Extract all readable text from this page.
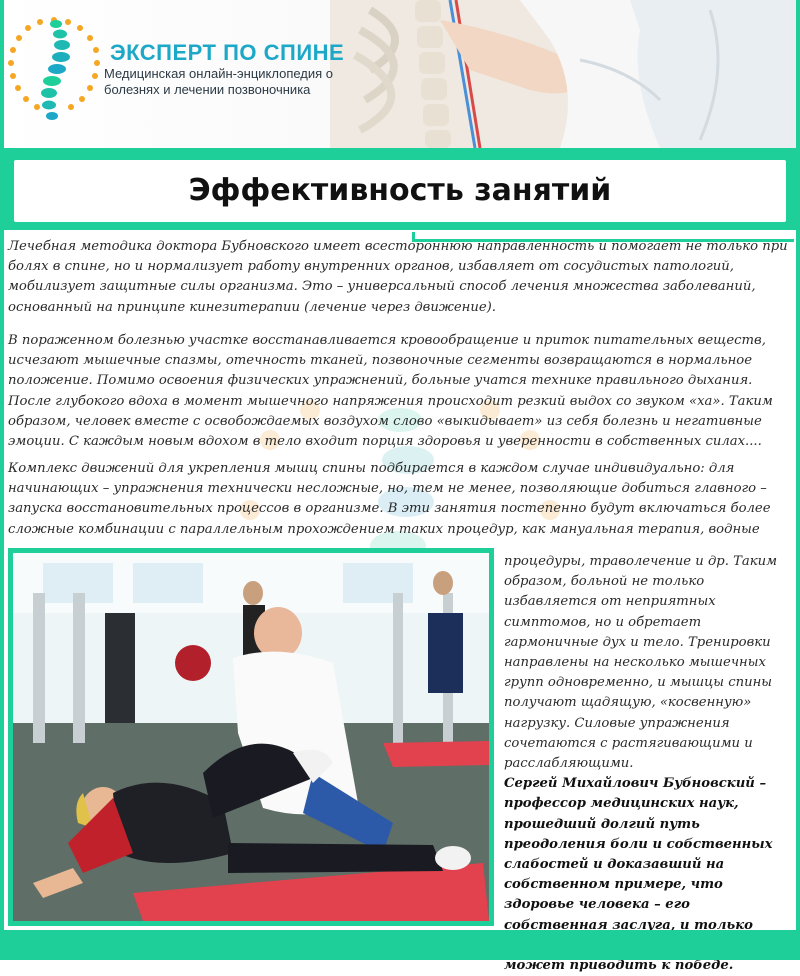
ЭКСПЕРТ ПО СПИНЕ
Медицинская онлайн-энциклопедия о болезнях и лечении позвоночника
Эффективность занятий

Лечебная методика доктора Бубновского имеет всестороннюю направленность и помогает не только при болях в спине, но и нормализует работу внутренних органов, избавляет от сосудистых патологий, мобилизует защитные силы организма. Это – универсальный способ лечения множества заболеваний, основанный на принципе кинезитерапии (лечение через движение).

В пораженном болезнью участке восстанавливается кровообращение и приток питательных веществ, исчезают мышечные спазмы, отечность тканей, позвоночные сегменты возвращаются в нормальное положение. Помимо освоения физических упражнений, больные учатся технике правильного дыхания. После глубокого вдоха в момент мышечного напряжения происходит резкий выдох со звуком «ха». Таким образом, человек вместе с освобождаемых воздухом слово «выкидывает» из себя болезнь и негативные эмоции. С каждым новым вдохом в тело входит порция здоровья и уверенности в собственных силах....

Комплекс движений для укрепления мышц спины подбирается в каждом случае индивидуально: для начинающих – упражнения технически несложные, но, тем не менее, позволяющие добиться главного – запуска восстановительных процессов в организме. В эти занятия постепенно будут включаться более сложные комбинации с параллельным прохождением таких процедур, как мануальная терапия, водные

процедуры, траволечение и др. Таким образом, больной не только избавляется от неприятных симптомов, но и обретает гармоничные дух и тело. Тренировки направлены на несколько мышечных групп одновременно, и мышцы спины получают щадящую, «косвенную» нагрузку. Силовые упражнения сочетаются с растягивающими и расслабляющими.
Сергей Михайлович Бубновский – профессор медицинских наук, прошедший долгий путь преодоления боли и собственных слабостей и доказавший на собственном примере, что здоровье человека – его собственная заслуга, и только ежедневная работа над собой может приводить к победе.
